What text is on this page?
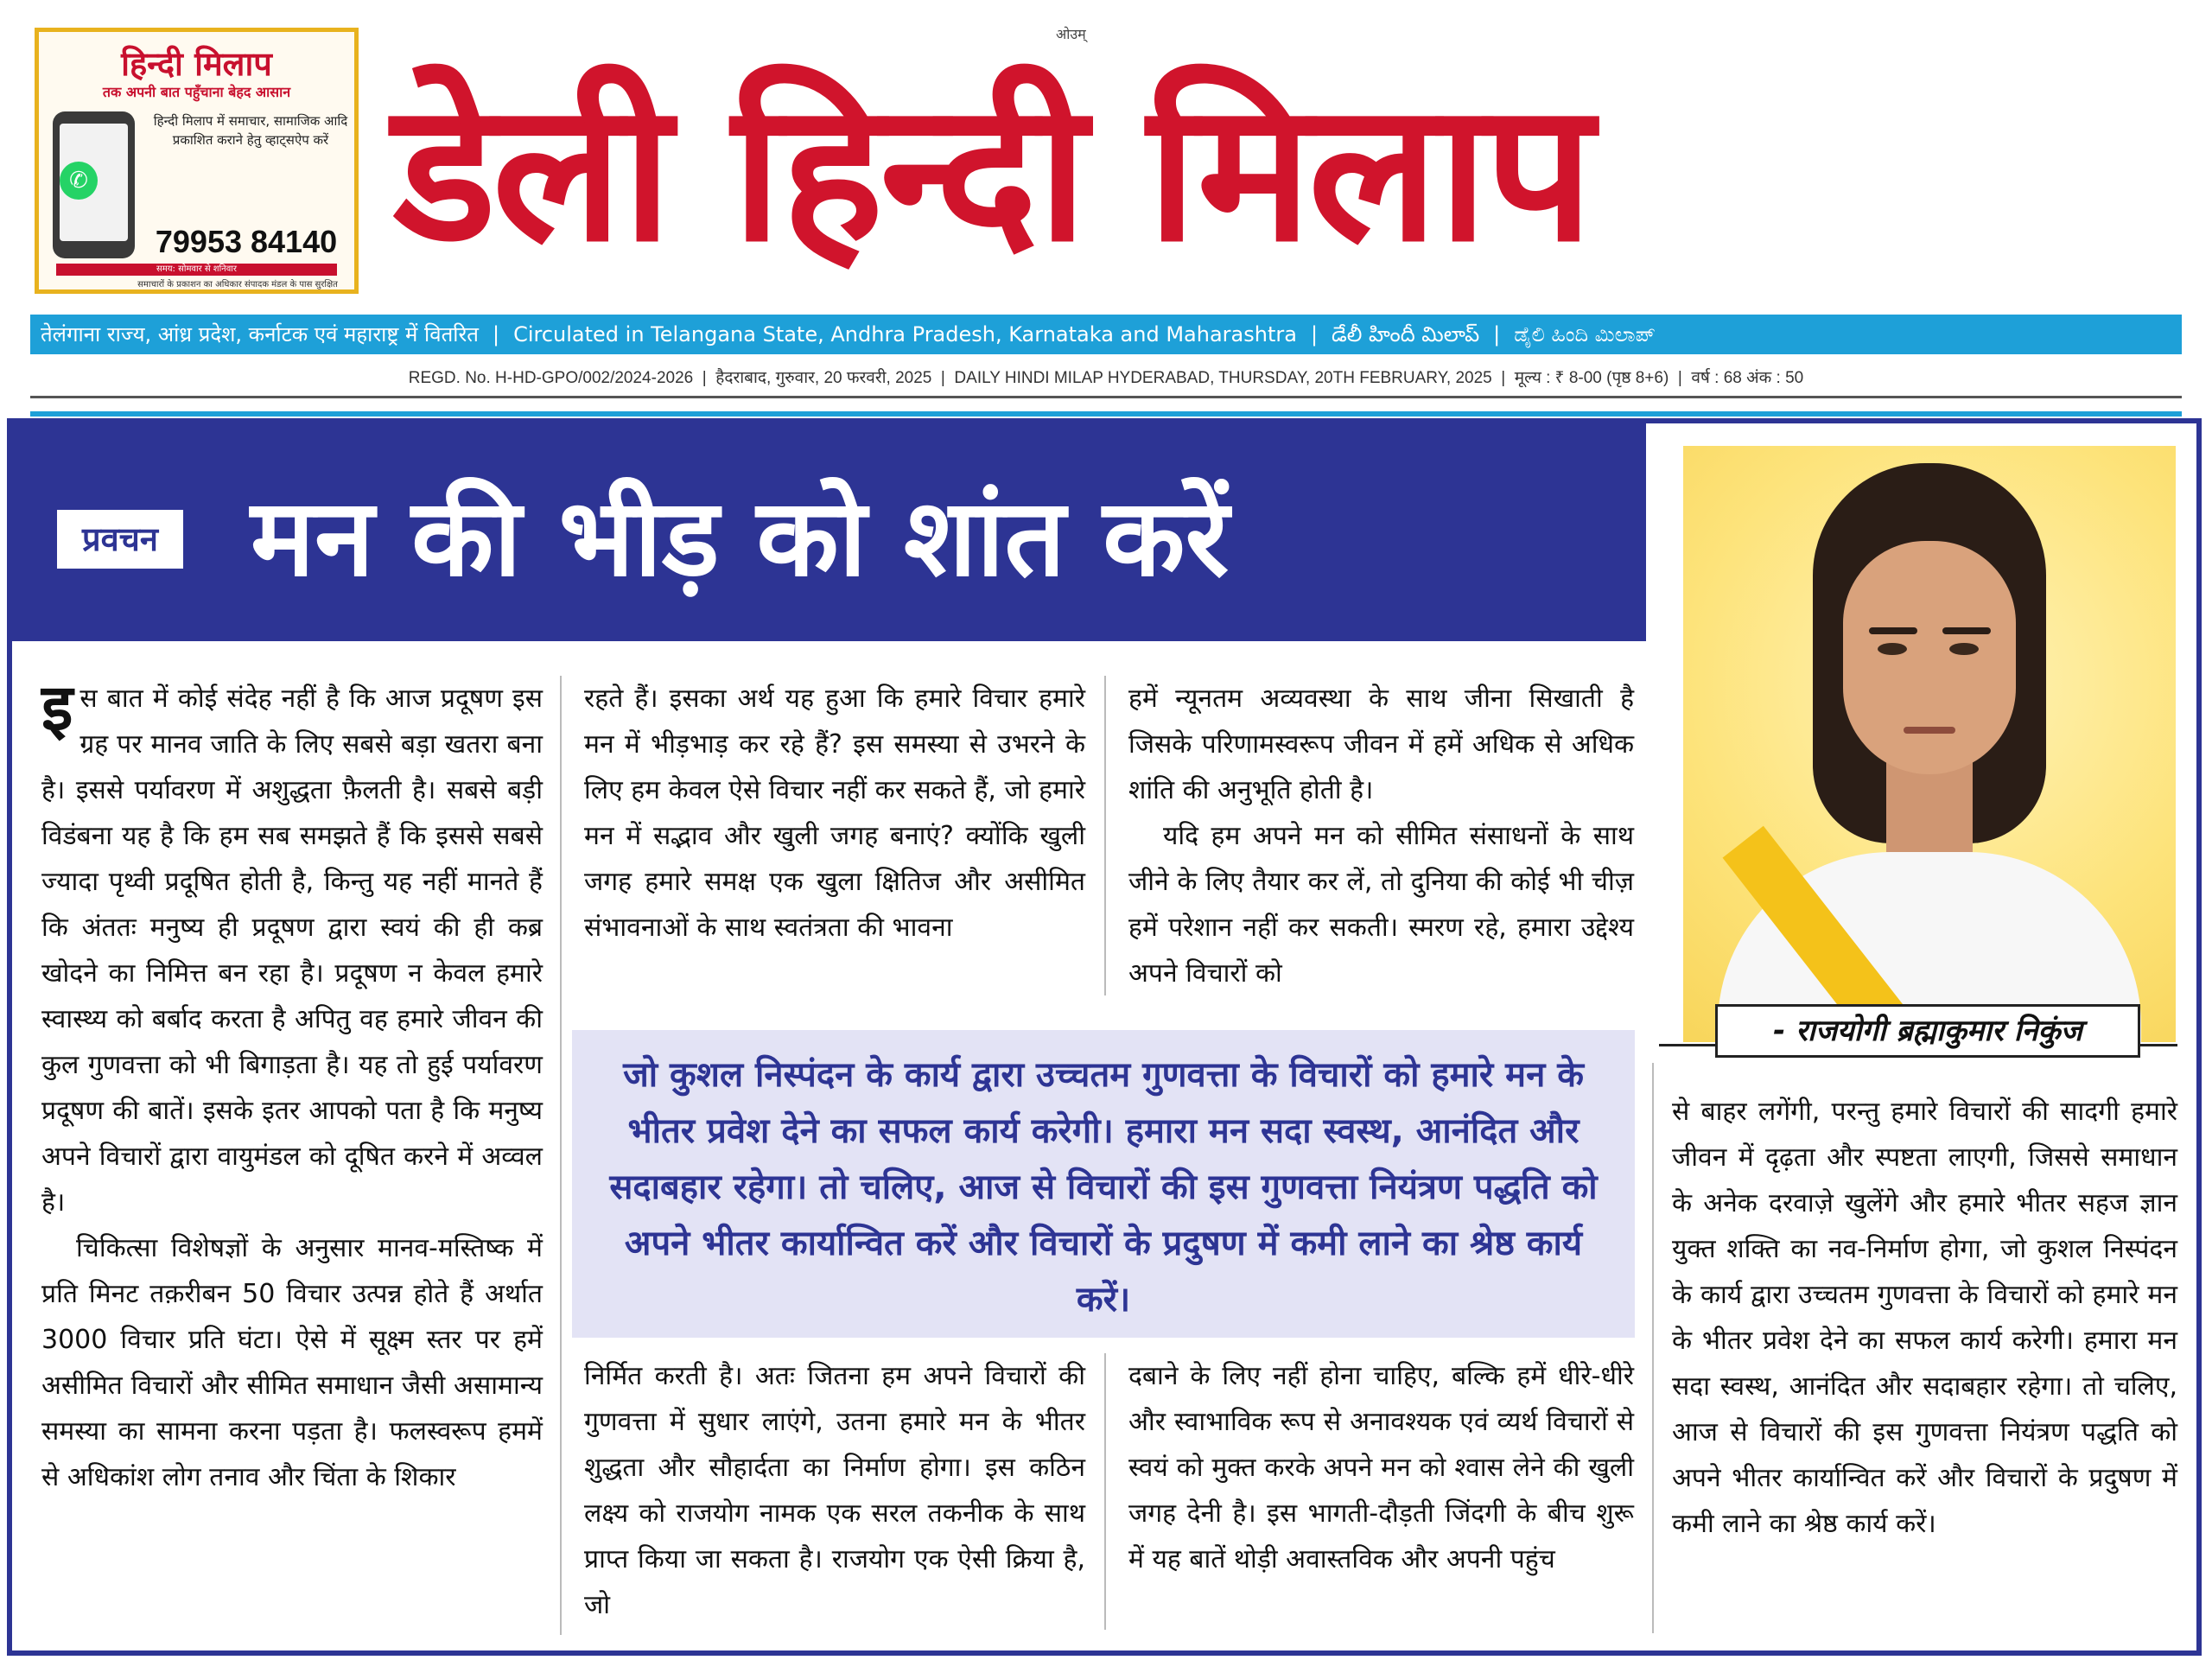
हिन्दी मिलाप
तक अपनी बात पहुँचाना बेहद आसान
✆
हिन्दी मिलाप में समाचार, सामाजिक आदि प्रकाशित कराने हेतु व्हाट्सऐप करें
79953 84140
समय: सोमवार से शनिवार
समाचारों के प्रकाशन का अधिकार संपादक मंडल के पास सुरक्षित
ओउम्
डेली हिन्दी मिलाप
तेलंगाना राज्य, आंध्र प्रदेश, कर्नाटक एवं महाराष्ट्र में वितरित | Circulated in Telangana State, Andhra Pradesh, Karnataka and Maharashtra | డేలీ హిందీ మిలాప్ | ಡೈಲಿ ಹಿಂದಿ ಮಿಲಾಪ್
REGD. No. H-HD-GPO/002/2024-2026  |  हैदराबाद, गुरुवार, 20 फरवरी, 2025  |  DAILY HINDI MILAP HYDERABAD, THURSDAY, 20TH FEBRUARY, 2025  |  मूल्य : ₹ 8-00 (पृष्ठ 8+6)  |  वर्ष : 68 अंक : 50
प्रवचन मन की भीड़ को शांत करें
- राजयोगी ब्रह्माकुमार निकुंज

इस बात में कोई संदेह नहीं है कि आज प्रदूषण इस ग्रह पर मानव जाति के लिए सबसे बड़ा खतरा बना है। इससे पर्यावरण में अशुद्धता फ़ैलती है। सबसे बड़ी विडंबना यह है कि हम सब समझते हैं कि इससे सबसे ज्यादा पृथ्वी प्रदूषित होती है, किन्तु यह नहीं मानते हैं कि अंततः मनुष्य ही प्रदूषण द्वारा स्वयं की ही कब्र खोदने का निमित्त बन रहा है। प्रदूषण न केवल हमारे स्वास्थ्य को बर्बाद करता है अपितु वह हमारे जीवन की कुल गुणवत्ता को भी बिगाड़ता है। यह तो हुई पर्यावरण प्रदूषण की बातें। इसके इतर आपको पता है कि मनुष्य अपने विचारों द्वारा वायुमंडल को दूषित करने में अव्वल है।

चिकित्सा विशेषज्ञों के अनुसार मानव-मस्तिष्क में प्रति मिनट तक़रीबन 50 विचार उत्पन्न होते हैं अर्थात 3000 विचार प्रति घंटा। ऐसे में सूक्ष्म स्तर पर हमें असीमित विचारों और सीमित समाधान जैसी असामान्य समस्या का सामना करना पड़ता है। फलस्वरूप हममें से अधिकांश लोग तनाव और चिंता के शिकार

रहते हैं। इसका अर्थ यह हुआ कि हमारे विचार हमारे मन में भीड़भाड़ कर रहे हैं? इस समस्या से उभरने के लिए हम केवल ऐसे विचार नहीं कर सकते हैं, जो हमारे मन में सद्भाव और खुली जगह बनाएं? क्योंकि खुली जगह हमारे समक्ष एक खुला क्षितिज और असीमित संभावनाओं के साथ स्वतंत्रता की भावना

हमें न्यूनतम अव्यवस्था के साथ जीना सिखाती है जिसके परिणामस्वरूप जीवन में हमें अधिक से अधिक शांति की अनुभूति होती है।

यदि हम अपने मन को सीमित संसाधनों के साथ जीने के लिए तैयार कर लें, तो दुनिया की कोई भी चीज़ हमें परेशान नहीं कर सकती। स्मरण रहे, हमारा उद्देश्य अपने विचारों को

जो कुशल निस्पंदन के कार्य द्वारा उच्चतम गुणवत्ता के विचारों को हमारे मन के भीतर प्रवेश देने का सफल कार्य करेगी। हमारा मन सदा स्वस्थ, आनंदित और सदाबहार रहेगा। तो चलिए, आज से विचारों की इस गुणवत्ता नियंत्रण पद्धति को अपने भीतर कार्यान्वित करें और विचारों के प्रदुषण में कमी लाने का श्रेष्ठ कार्य करें।

निर्मित करती है। अतः जितना हम अपने विचारों की गुणवत्ता में सुधार लाएंगे, उतना हमारे मन के भीतर शुद्धता और सौहार्दता का निर्माण होगा। इस कठिन लक्ष्य को राजयोग नामक एक सरल तकनीक के साथ प्राप्त किया जा सकता है। राजयोग एक ऐसी क्रिया है, जो

दबाने के लिए नहीं होना चाहिए, बल्कि हमें धीरे-धीरे और स्वाभाविक रूप से अनावश्यक एवं व्यर्थ विचारों से स्वयं को मुक्त करके अपने मन को श्वास लेने की खुली जगह देनी है। इस भागती-दौड़ती जिंदगी के बीच शुरू में यह बातें थोड़ी अवास्तविक और अपनी पहुंच

से बाहर लगेंगी, परन्तु हमारे विचारों की सादगी हमारे जीवन में दृढ़ता और स्पष्टता लाएगी, जिससे समाधान के अनेक दरवाज़े खुलेंगे और हमारे भीतर सहज ज्ञान युक्त शक्ति का नव-निर्माण होगा, जो कुशल निस्पंदन के कार्य द्वारा उच्चतम गुणवत्ता के विचारों को हमारे मन के भीतर प्रवेश देने का सफल कार्य करेगी। हमारा मन सदा स्वस्थ, आनंदित और सदाबहार रहेगा। तो चलिए, आज से विचारों की इस गुणवत्ता नियंत्रण पद्धति को अपने भीतर कार्यान्वित करें और विचारों के प्रदुषण में कमी लाने का श्रेष्ठ कार्य करें।
